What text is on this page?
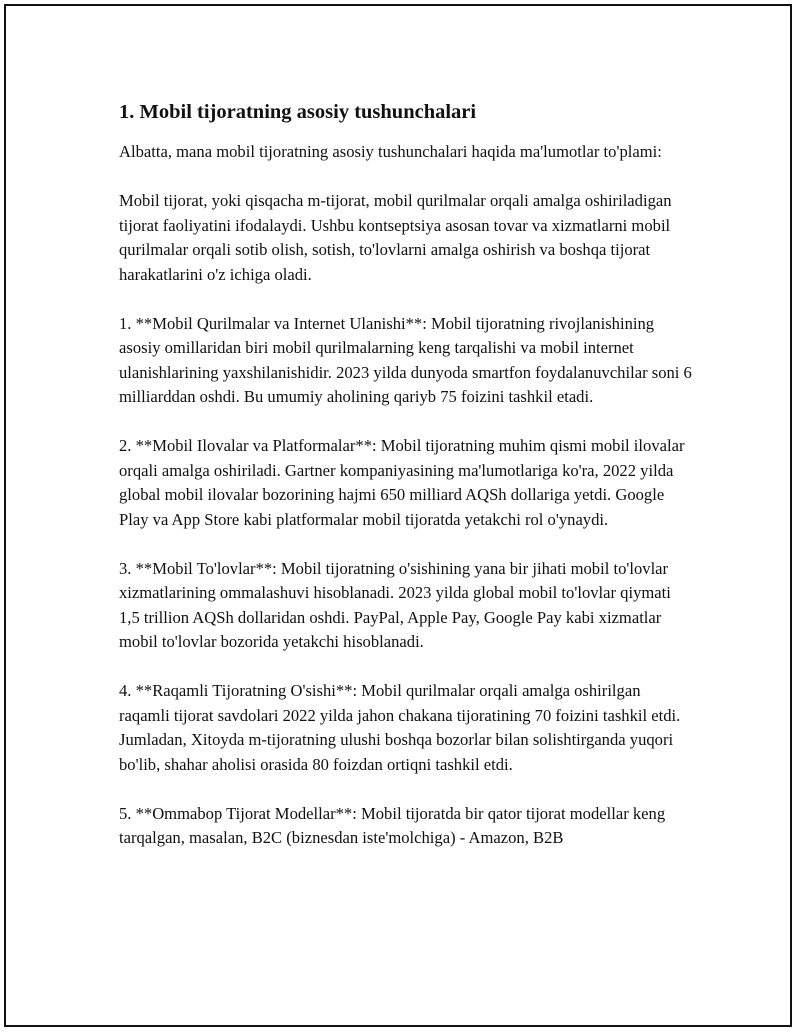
1. Mobil tijoratning asosiy tushunchalari

Albatta, mana mobil tijoratning asosiy tushunchalari haqida ma'lumotlar to'plami:

Mobil tijorat, yoki qisqacha m-tijorat, mobil qurilmalar orqali amalga oshiriladigan tijorat faoliyatini ifodalaydi. Ushbu kontseptsiya asosan tovar va xizmatlarni mobil qurilmalar orqali sotib olish, sotish, to'lovlarni amalga oshirish va boshqa tijorat harakatlarini o'z ichiga oladi.

1. **Mobil Qurilmalar va Internet Ulanishi**: Mobil tijoratning rivojlanishining asosiy omillaridan biri mobil qurilmalarning keng tarqalishi va mobil internet ulanishlarining yaxshilanishidir. 2023 yilda dunyoda smartfon foydalanuvchilar soni 6 milliarddan oshdi. Bu umumiy aholining qariyb 75 foizini tashkil etadi.

2. **Mobil Ilovalar va Platformalar**: Mobil tijoratning muhim qismi mobil ilovalar orqali amalga oshiriladi. Gartner kompaniyasining ma'lumotlariga ko'ra, 2022 yilda global mobil ilovalar bozorining hajmi 650 milliard AQSh dollariga yetdi. Google Play va App Store kabi platformalar mobil tijoratda yetakchi rol o'ynaydi.

3. **Mobil To'lovlar**: Mobil tijoratning o'sishining yana bir jihati mobil to'lovlar xizmatlarining ommalashuvi hisoblanadi. 2023 yilda global mobil to'lovlar qiymati 1,5 trillion AQSh dollaridan oshdi. PayPal, Apple Pay, Google Pay kabi xizmatlar mobil to'lovlar bozorida yetakchi hisoblanadi.

4. **Raqamli Tijoratning O'sishi**: Mobil qurilmalar orqali amalga oshirilgan raqamli tijorat savdolari 2022 yilda jahon chakana tijoratining 70 foizini tashkil etdi. Jumladan, Xitoyda m-tijoratning ulushi boshqa bozorlar bilan solishtirganda yuqori bo'lib, shahar aholisi orasida 80 foizdan ortiqni tashkil etdi.

5. **Ommabop Tijorat Modellar**: Mobil tijoratda bir qator tijorat modellar keng tarqalgan, masalan, B2C (biznesdan iste'molchiga) - Amazon, B2B
